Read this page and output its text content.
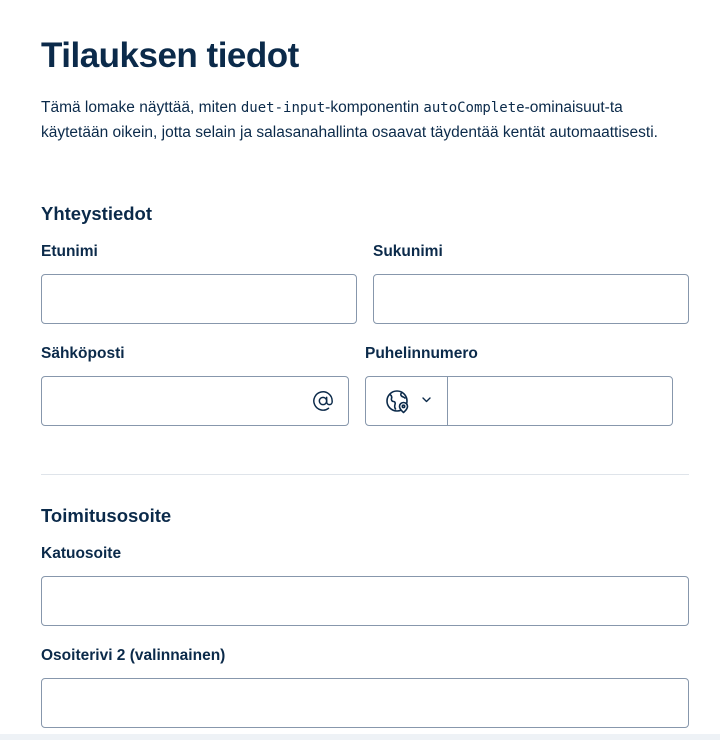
Tilauksen tiedot

Tämä lomake näyttää, miten duet-input-komponentin autoComplete-ominaisuut-ta käytetään oikein, jotta selain ja salasanahallinta osaavat täydentää kentät automaattisesti.

Yhteystiedot
Etunimi	Sukunimi
Sähköposti	Puhelinnumero
Toimitusosoite
Katuosoite
Osoiterivi 2 (valinnainen)
